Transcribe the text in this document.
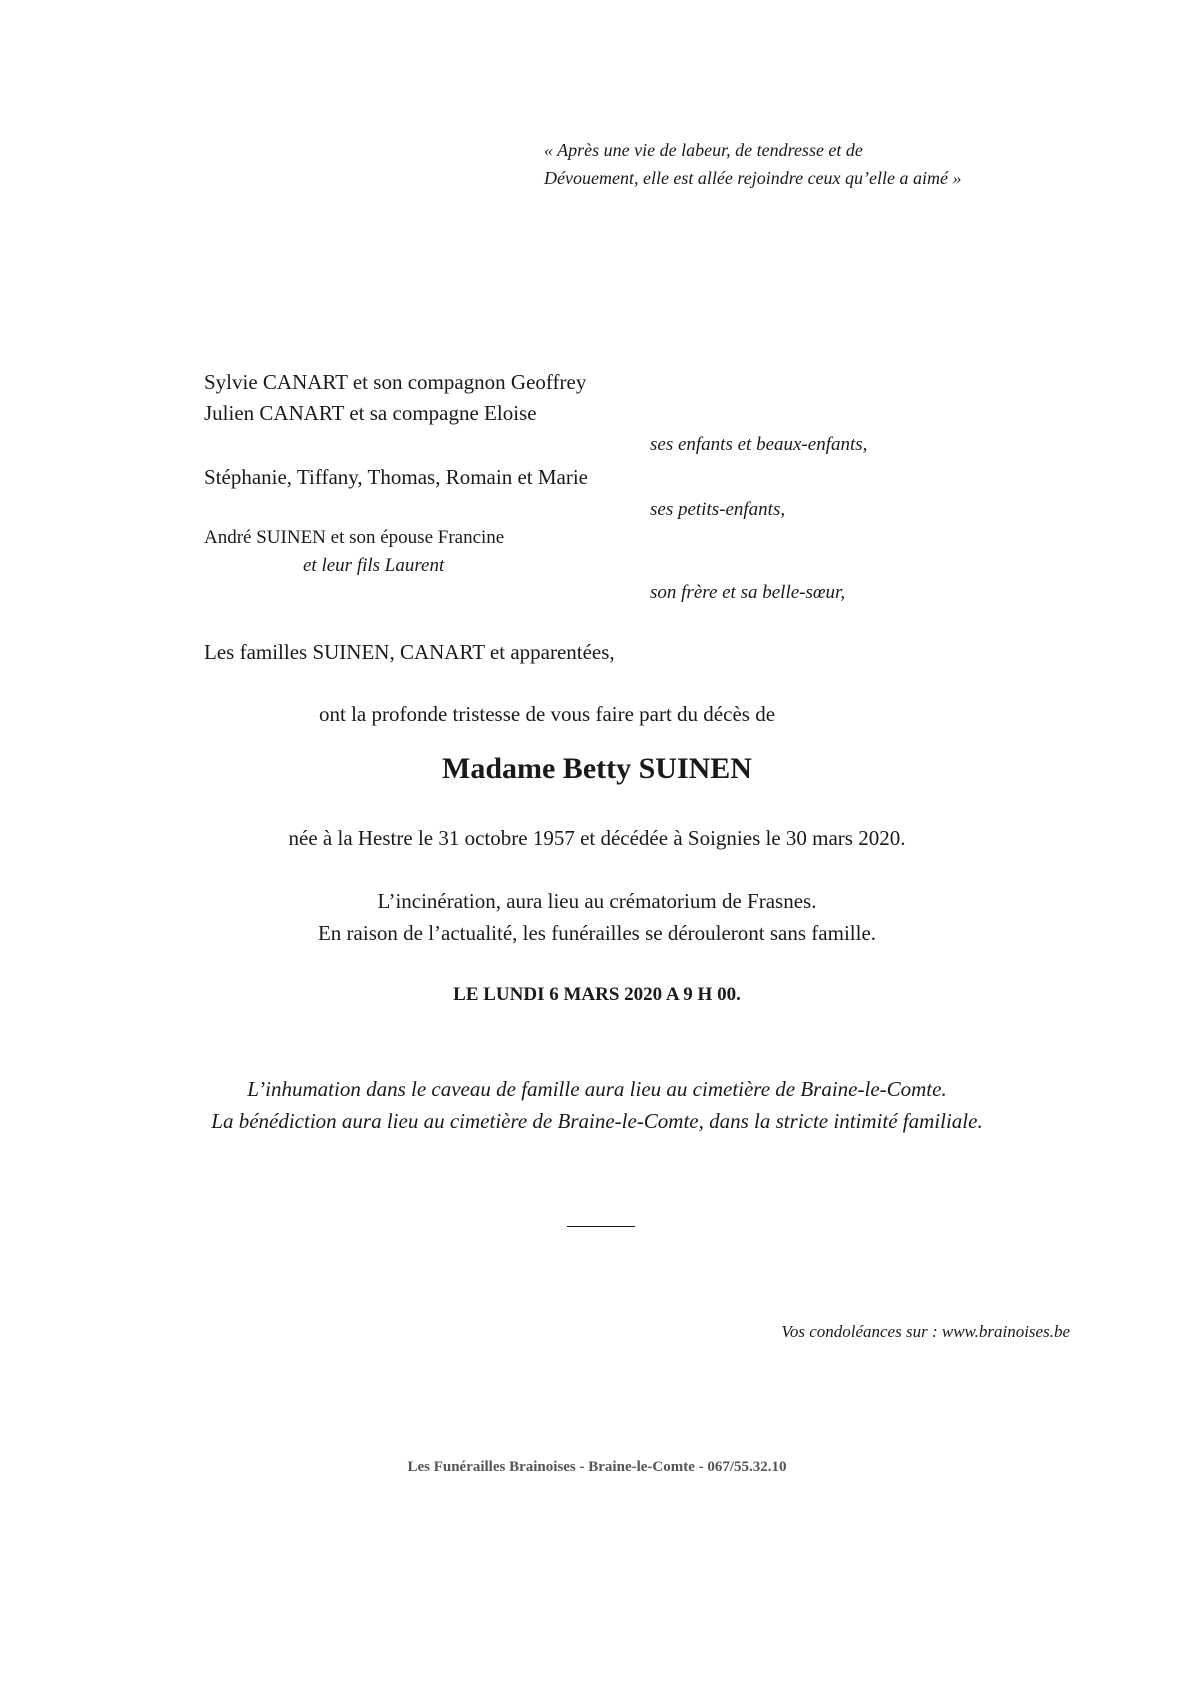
« Après une vie de labeur, de tendresse et de
Dévouement, elle est allée rejoindre ceux qu’elle a aimé »
Sylvie CANART et son compagnon Geoffrey
Julien CANART et sa compagne Eloise
ses enfants et beaux-enfants,
Stéphanie, Tiffany, Thomas, Romain et Marie
ses petits-enfants,
André SUINEN et son épouse Francine
et leur fils Laurent
son frère et sa belle-sœur,
Les familles SUINEN, CANART et apparentées,
ont la profonde tristesse de vous faire part du décès de
Madame Betty SUINEN
née à la Hestre le 31 octobre 1957 et décédée à Soignies le 30 mars 2020.
L’incinération, aura lieu au crématorium de Frasnes.
En raison de l’actualité, les funérailles se dérouleront sans famille.
LE LUNDI 6 MARS 2020 A 9 H 00.
L’inhumation dans le caveau de famille aura lieu au cimetière de Braine-le-Comte.
La bénédiction aura lieu au cimetière de Braine-le-Comte, dans la stricte intimité familiale.
Vos condoléances sur : www.brainoises.be
Les Funérailles Brainoises - Braine-le-Comte - 067/55.32.10
